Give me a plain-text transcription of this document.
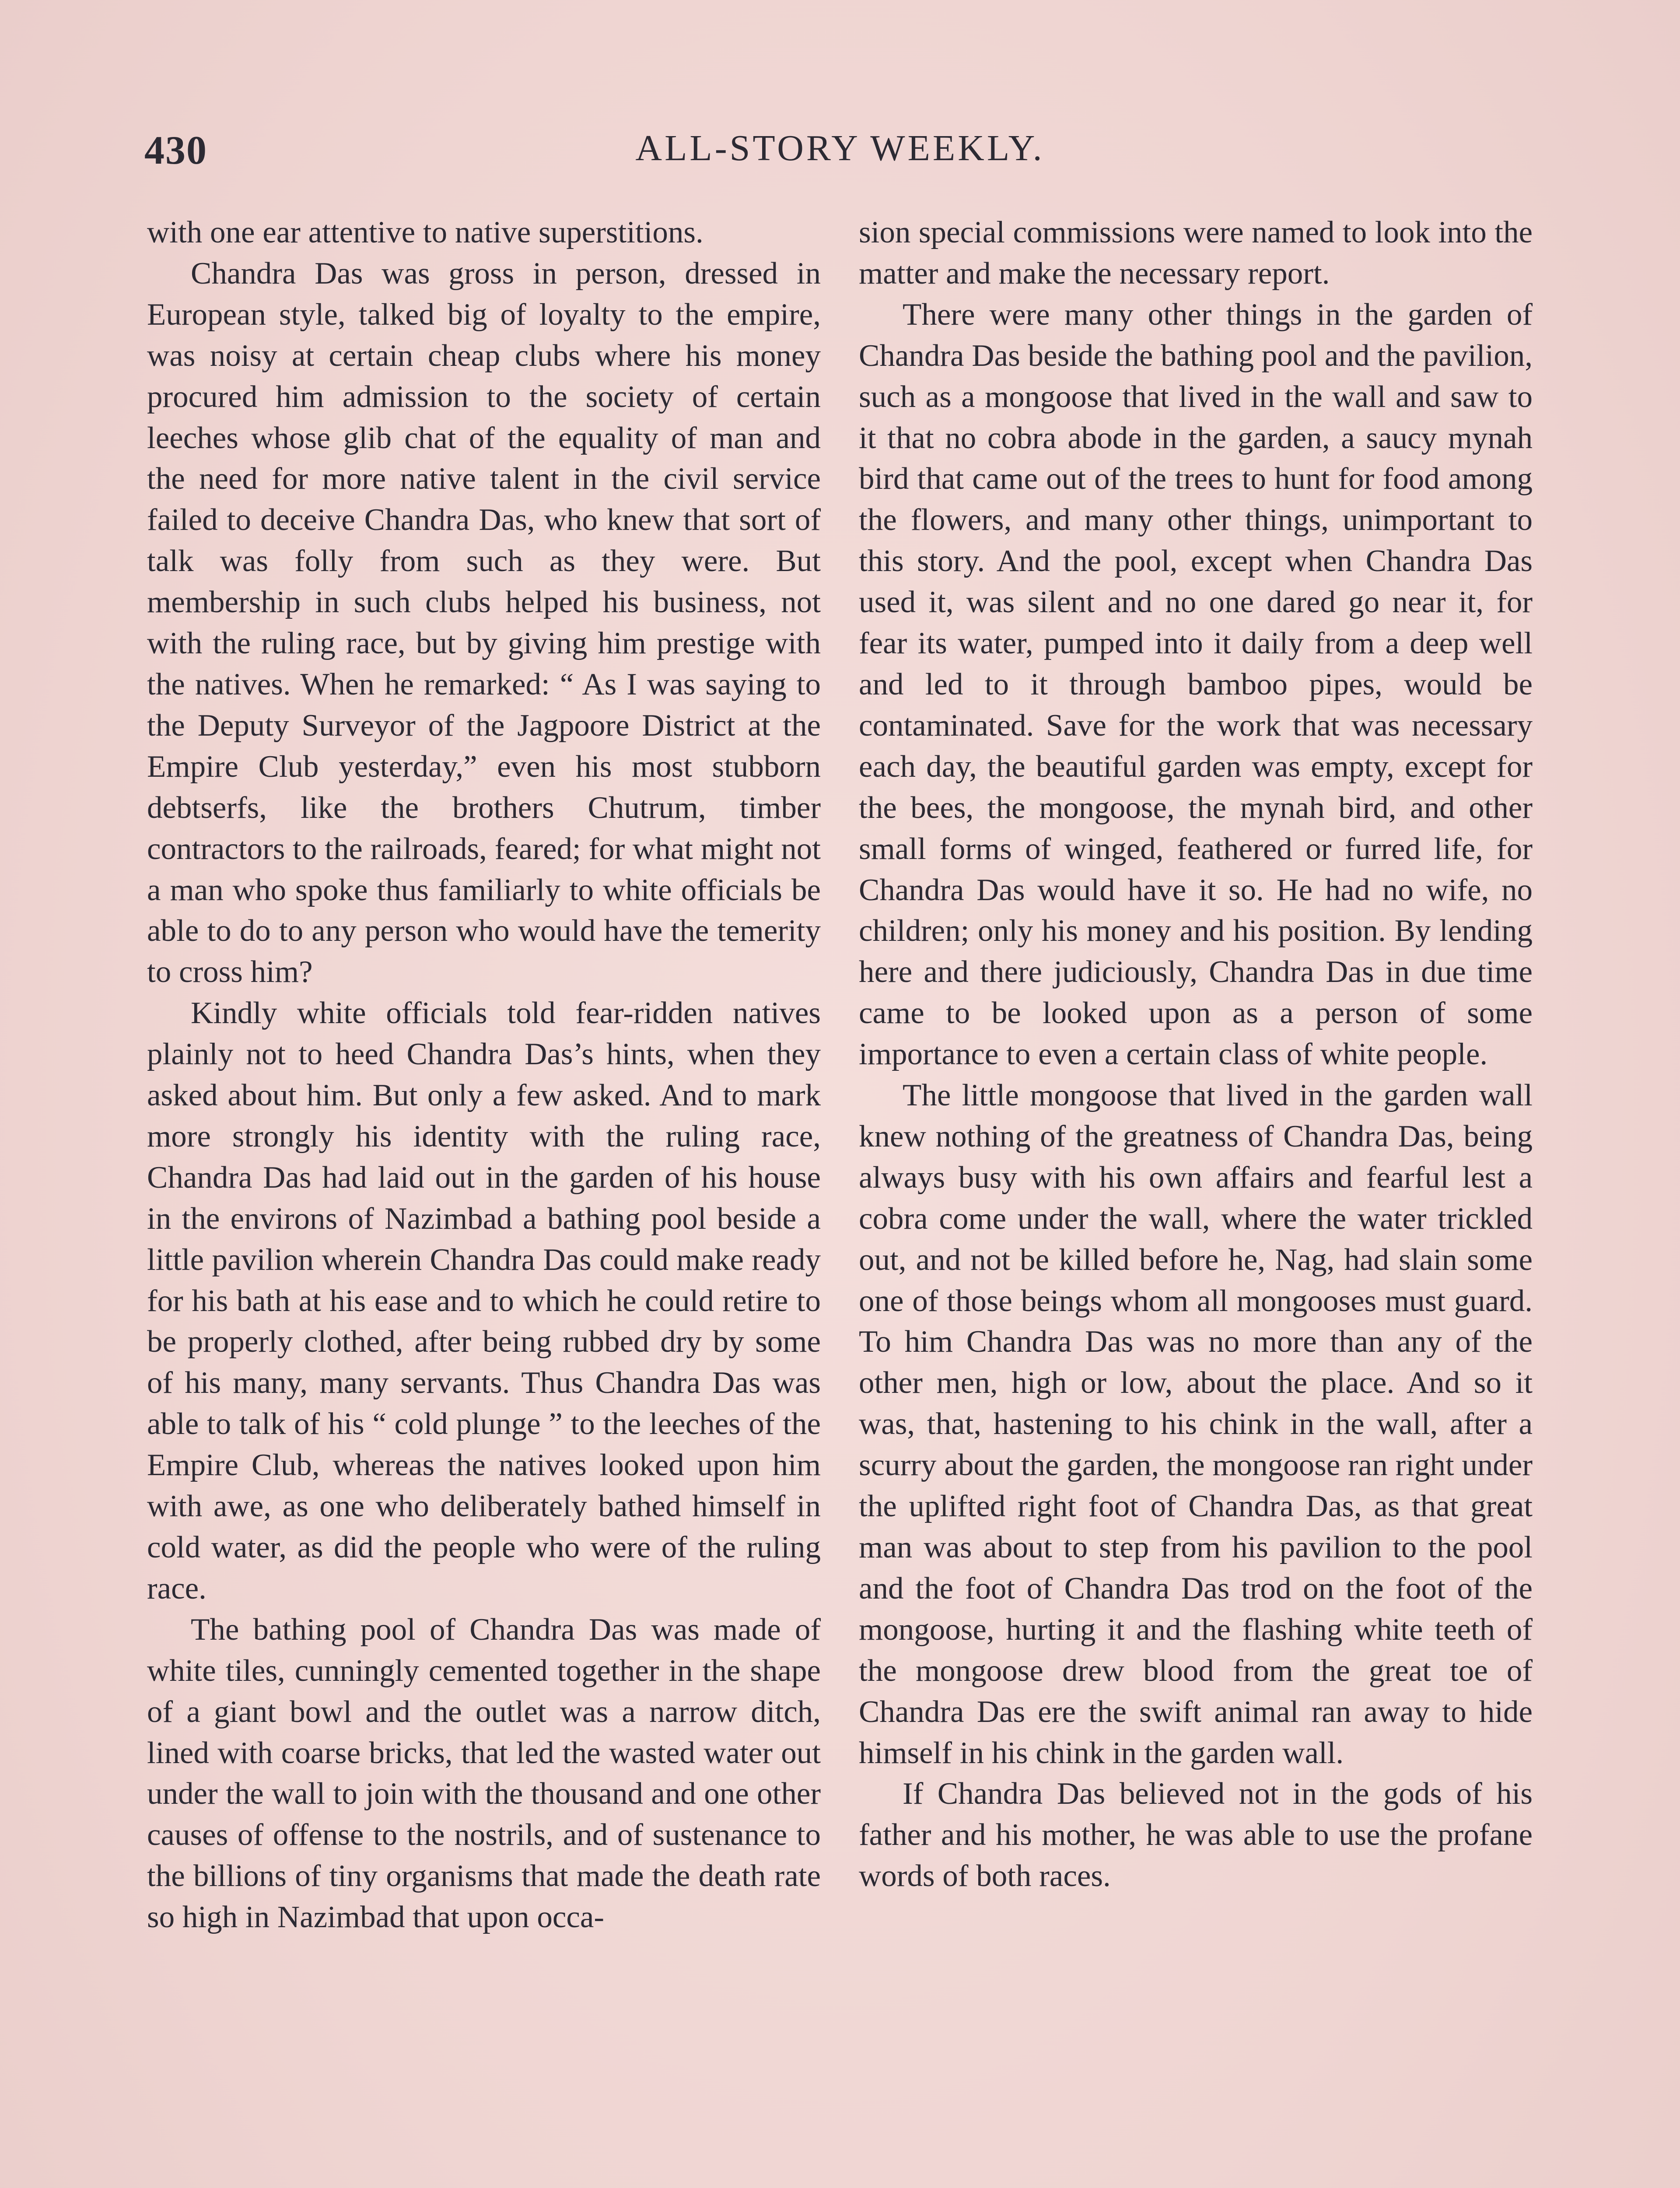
430	ALL-STORY WEEKLY.

with one ear attentive to native superstitions.

Chandra Das was gross in person, dressed in European style, talked big of loyalty to the empire, was noisy at certain cheap clubs where his money procured him admission to the society of certain leeches whose glib chat of the equality of man and the need for more native talent in the civil service failed to deceive Chandra Das, who knew that sort of talk was folly from such as they were. But membership in such clubs helped his business, not with the ruling race, but by giving him prestige with the natives. When he remarked: “ As I was saying to the Deputy Surveyor of the Jagpoore District at the Empire Club yesterday,” even his most stubborn debtserfs, like the brothers Chutrum, timber contractors to the railroads, feared; for what might not a man who spoke thus familiarly to white officials be able to do to any person who would have the temerity to cross him?

Kindly white officials told fear-ridden natives plainly not to heed Chandra Das’s hints, when they asked about him. But only a few asked. And to mark more strongly his identity with the ruling race, Chandra Das had laid out in the garden of his house in the environs of Nazimbad a bathing pool beside a little pavilion wherein Chandra Das could make ready for his bath at his ease and to which he could retire to be properly clothed, after being rubbed dry by some of his many, many servants. Thus Chandra Das was able to talk of his “ cold plunge ” to the leeches of the Empire Club, whereas the natives looked upon him with awe, as one who deliberately bathed himself in cold water, as did the people who were of the ruling race.

The bathing pool of Chandra Das was made of white tiles, cunningly cemented together in the shape of a giant bowl and the outlet was a narrow ditch, lined with coarse bricks, that led the wasted water out under the wall to join with the thousand and one other causes of offense to the nostrils, and of sustenance to the billions of tiny organisms that made the death rate so high in Nazimbad that upon occa-

sion special commissions were named to look into the matter and make the necessary report.

There were many other things in the garden of Chandra Das beside the bathing pool and the pavilion, such as a mongoose that lived in the wall and saw to it that no cobra abode in the garden, a saucy mynah bird that came out of the trees to hunt for food among the flowers, and many other things, unimportant to this story. And the pool, except when Chandra Das used it, was silent and no one dared go near it, for fear its water, pumped into it daily from a deep well and led to it through bamboo pipes, would be contaminated. Save for the work that was necessary each day, the beautiful garden was empty, except for the bees, the mongoose, the mynah bird, and other small forms of winged, feathered or furred life, for Chandra Das would have it so. He had no wife, no children; only his money and his position. By lending here and there judiciously, Chandra Das in due time came to be looked upon as a person of some importance to even a certain class of white people.

The little mongoose that lived in the garden wall knew nothing of the greatness of Chandra Das, being always busy with his own affairs and fearful lest a cobra come under the wall, where the water trickled out, and not be killed before he, Nag, had slain some one of those beings whom all mongooses must guard. To him Chandra Das was no more than any of the other men, high or low, about the place. And so it was, that, hastening to his chink in the wall, after a scurry about the garden, the mongoose ran right under the uplifted right foot of Chandra Das, as that great man was about to step from his pavilion to the pool and the foot of Chandra Das trod on the foot of the mongoose, hurting it and the flashing white teeth of the mongoose drew blood from the great toe of Chandra Das ere the swift animal ran away to hide himself in his chink in the garden wall.

If Chandra Das believed not in the gods of his father and his mother, he was able to use the profane words of both races.
